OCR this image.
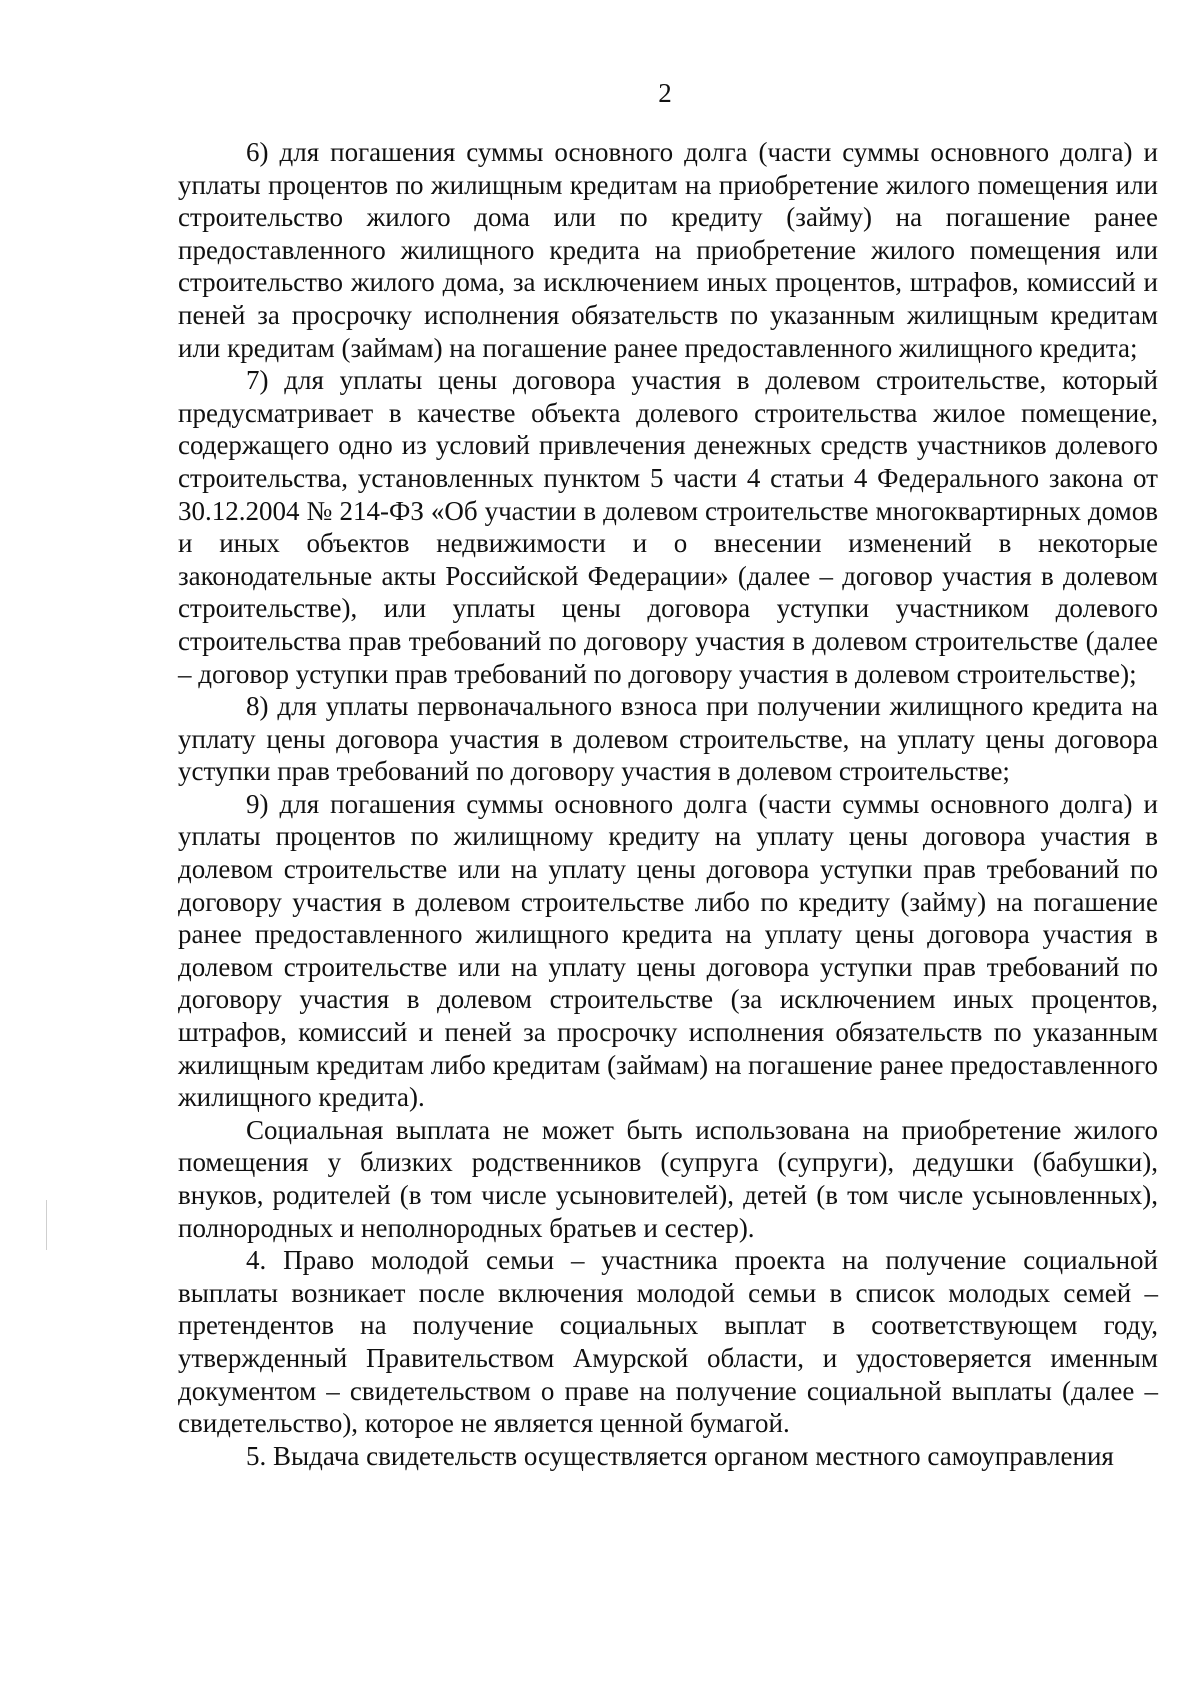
2

6) для погашения суммы основного долга (части суммы основного долга) и уплаты процентов по жилищным кредитам на приобретение жилого помещения или строительство жилого дома или по кредиту (займу) на погашение ранее предоставленного жилищного кредита на приобретение жилого помещения или строительство жилого дома, за исключением иных процентов, штрафов, комиссий и пеней за просрочку исполнения обязательств по указанным жилищным кредитам или кредитам (займам) на погашение ранее предоставленного жилищного кредита;

7) для уплаты цены договора участия в долевом строительстве, который предусматривает в качестве объекта долевого строительства жилое помещение, содержащего одно из условий привлечения денежных средств участников долевого строительства, установленных пунктом 5 части 4 статьи 4 Федерального закона от 30.12.2004 № 214-ФЗ «Об участии в долевом строительстве многоквартирных домов и иных объектов недвижимости и о внесении изменений в некоторые законодательные акты Российской Федерации» (далее – договор участия в долевом строительстве), или уплаты цены договора уступки участником долевого строительства прав требований по договору участия в долевом строительстве (далее – договор уступки прав требований по договору участия в долевом строительстве);

8) для уплаты первоначального взноса при получении жилищного кредита на уплату цены договора участия в долевом строительстве, на уплату цены договора уступки прав требований по договору участия в долевом строительстве;

9) для погашения суммы основного долга (части суммы основного долга) и уплаты процентов по жилищному кредиту на уплату цены договора участия в долевом строительстве или на уплату цены договора уступки прав требований по договору участия в долевом строительстве либо по кредиту (займу) на погашение ранее предоставленного жилищного кредита на уплату цены договора участия в долевом строительстве или на уплату цены договора уступки прав требований по договору участия в долевом строительстве (за исключением иных процентов, штрафов, комиссий и пеней за просрочку исполнения обязательств по указанным жилищным кредитам либо кредитам (займам) на погашение ранее предоставленного жилищного кредита).

Социальная выплата не может быть использована на приобретение жилого помещения у близких родственников (супруга (супруги), дедушки (бабушки), внуков, родителей (в том числе усыновителей), детей (в том числе усыновленных), полнородных и неполнородных братьев и сестер).

4. Право молодой семьи – участника проекта на получение социальной выплаты возникает после включения молодой семьи в список молодых семей – претендентов на получение социальных выплат в соответствующем году, утвержденный Правительством Амурской области, и удостоверяется именным документом – свидетельством о праве на получение социальной выплаты (далее – свидетельство), которое не является ценной бумагой.

5. Выдача свидетельств осуществляется органом местного самоуправления
